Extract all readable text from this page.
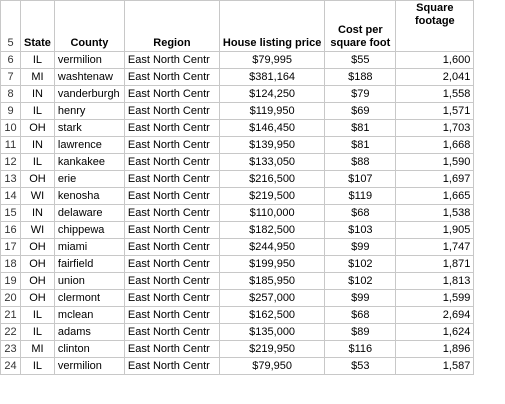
5	State	County	Region	House listing price	Cost per square foot	Square footage

6	IL	vermilion	East North Centr	$79,995	$55	1,600
7	MI	washtenaw	East North Centr	$381,164	$188	2,041
8	IN	vanderburgh	East North Centr	$124,250	$79	1,558
9	IL	henry	East North Centr	$119,950	$69	1,571
10	OH	stark	East North Centr	$146,450	$81	1,703
11	IN	lawrence	East North Centr	$139,950	$81	1,668
12	IL	kankakee	East North Centr	$133,050	$88	1,590
13	OH	erie	East North Centr	$216,500	$107	1,697
14	WI	kenosha	East North Centr	$219,500	$119	1,665
15	IN	delaware	East North Centr	$110,000	$68	1,538
16	WI	chippewa	East North Centr	$182,500	$103	1,905
17	OH	miami	East North Centr	$244,950	$99	1,747
18	OH	fairfield	East North Centr	$199,950	$102	1,871
19	OH	union	East North Centr	$185,950	$102	1,813
20	OH	clermont	East North Centr	$257,000	$99	1,599
21	IL	mclean	East North Centr	$162,500	$68	2,694
22	IL	adams	East North Centr	$135,000	$89	1,624
23	MI	clinton	East North Centr	$219,950	$116	1,896
24	IL	vermilion	East North Centr	$79,950	$53	1,587
